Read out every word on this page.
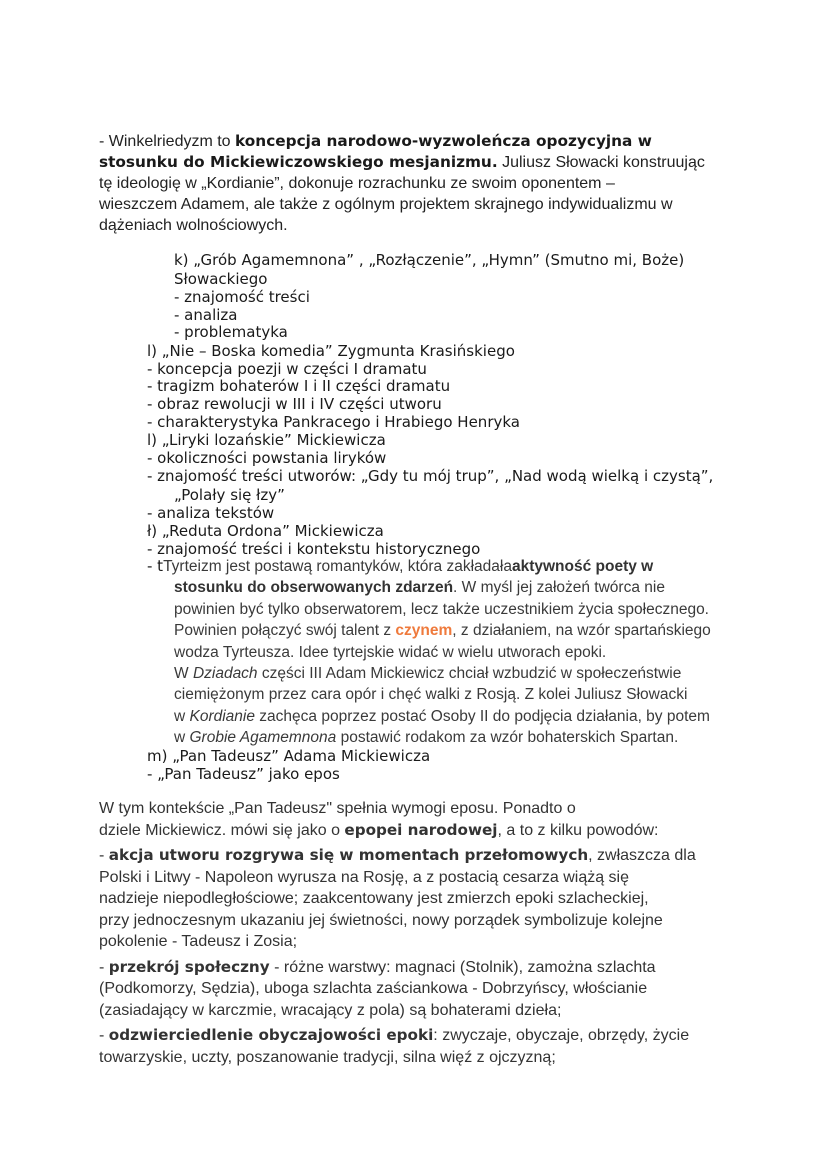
- Winkelriedyzm to koncepcja narodowo-wyzwoleńcza opozycyjna w
stosunku do Mickiewiczowskiego mesjanizmu. Juliusz Słowacki konstruując
tę ideologię w „Kordianie”, dokonuje rozrachunku ze swoim oponentem –
wieszczem Adamem, ale także z ogólnym projektem skrajnego indywidualizmu w
dążeniach wolnościowych.
k) „Grób Agamemnona” , „Rozłączenie”, „Hymn” (Smutno mi, Boże)
Słowackiego
- znajomość treści
- analiza
- problematyka
l) „Nie – Boska komedia” Zygmunta Krasińskiego
- koncepcja poezji w części I dramatu
- tragizm bohaterów I i II części dramatu
- obraz rewolucji w III i IV części utworu
- charakterystyka Pankracego i Hrabiego Henryka
l) „Liryki lozańskie” Mickiewicza
- okoliczności powstania liryków
- znajomość treści utworów: „Gdy tu mój trup”, „Nad wodą wielką i czystą”,
„Polały się łzy”
- analiza tekstów
ł) „Reduta Ordona” Mickiewicza
- znajomość treści i kontekstu historycznego
- tTyrteizm jest postawą romantyków, która zakładałaaktywność poety w
stosunku do obserwowanych zdarzeń. W myśl jej założeń twórca nie
powinien być tylko obserwatorem, lecz także uczestnikiem życia społecznego.
Powinien połączyć swój talent z czynem, z działaniem, na wzór spartańskiego
wodza Tyrteusza. Idee tyrtejskie widać w wielu utworach epoki.
W Dziadach części III Adam Mickiewicz chciał wzbudzić w społeczeństwie
ciemiężonym przez cara opór i chęć walki z Rosją. Z kolei Juliusz Słowacki
w Kordianie zachęca poprzez postać Osoby II do podjęcia działania, by potem
w Grobie Agamemnona postawić rodakom za wzór bohaterskich Spartan.
m) „Pan Tadeusz” Adama Mickiewicza
- „Pan Tadeusz” jako epos
W tym kontekście „Pan Tadeusz" spełnia wymogi eposu. Ponadto o
dziele Mickiewicz. mówi się jako o epopei narodowej, a to z kilku powodów:
- akcja utworu rozgrywa się w momentach przełomowych, zwłaszcza dla
Polski i Litwy - Napoleon wyrusza na Rosję, a z postacią cesarza wiążą się
nadzieje niepodległościowe; zaakcentowany jest zmierzch epoki szlacheckiej,
przy jednoczesnym ukazaniu jej świetności, nowy porządek symbolizuje kolejne
pokolenie - Tadeusz i Zosia;
- przekrój społeczny - różne warstwy: magnaci (Stolnik), zamożna szlachta
(Podkomorzy, Sędzia), uboga szlachta zaściankowa - Dobrzyńscy, włościanie
(zasiadający w karczmie, wracający z pola) są bohaterami dzieła;
- odzwierciedlenie obyczajowości epoki: zwyczaje, obyczaje, obrzędy, życie
towarzyskie, uczty, poszanowanie tradycji, silna więź z ojczyzną;
